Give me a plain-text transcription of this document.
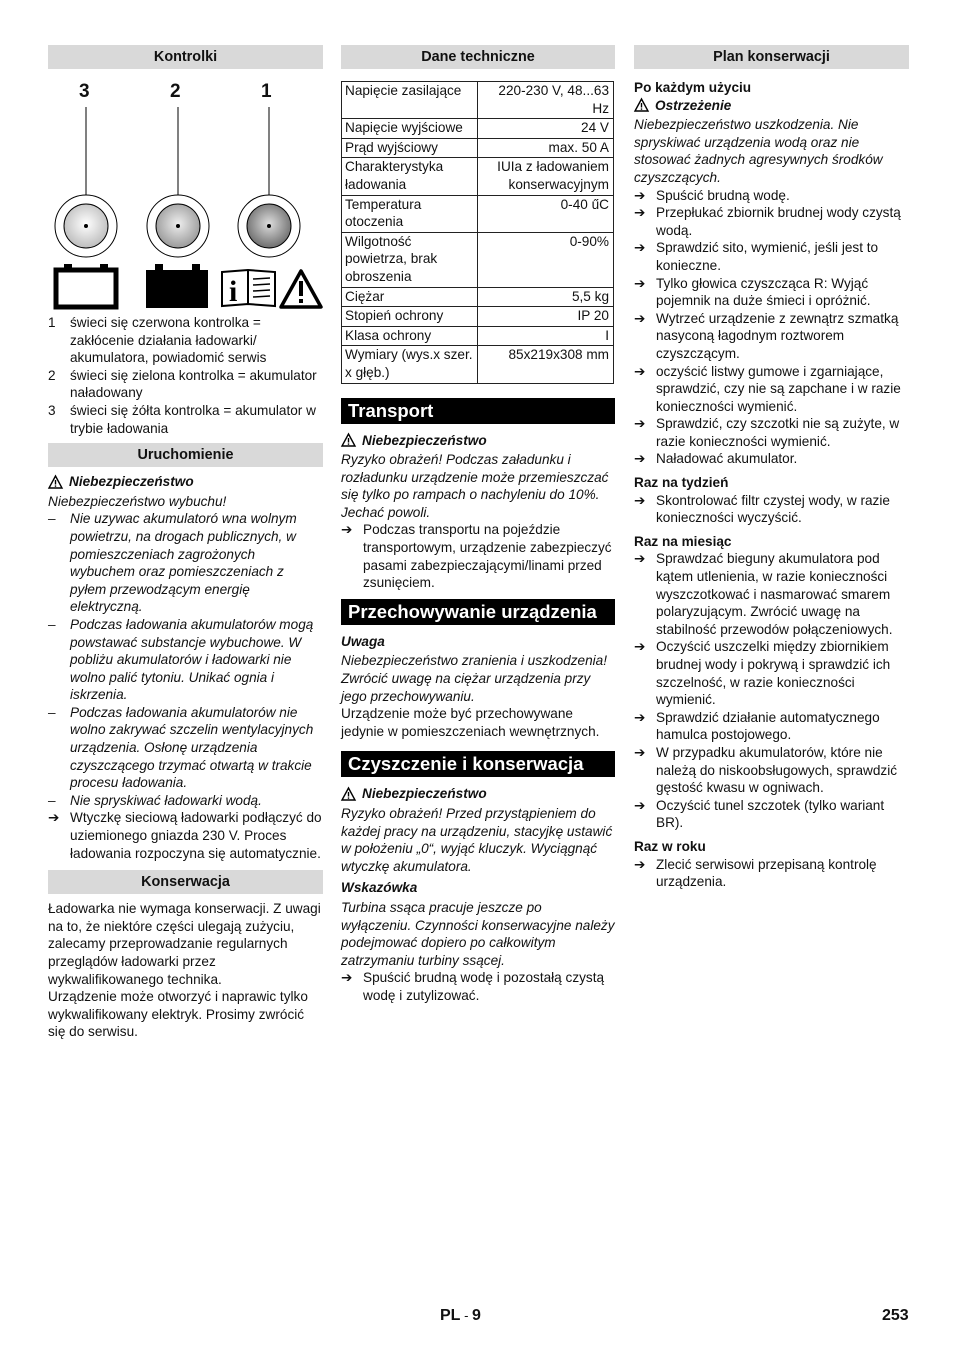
Kontrolki
3	2	1
i
1	świeci się czerwona kontrolka = zakłócenie działania ładowarki/ akumulatora, powiadomić serwis
2	świeci się zielona kontrolka = akumulator naładowany
3	świeci się żółta kontrolka = akumulator w trybie ładowania
Uruchomienie
Niebezpieczeństwo

Niebezpieczeństwo wybuchu!

–	Nie uzywac akumulatoró wna wolnym powietrzu, na drogach publicznych, w pomieszczeniach zagrożonych wybuchem oraz pomieszczeniach z pyłem przewodzącym energię elektryczną.
–	Podczas ładowania akumulatorów mogą powstawać substancje wybuchowe. W pobliżu akumulatorów i ładowarki nie wolno palić tytoniu. Unikać ognia i iskrzenia.
–	Podczas ładowania akumulatorów nie wolno zakrywać szczelin wentylacyjnych urządzenia. Osłonę urządzenia czyszczącego trzymać otwartą w trakcie procesu ładowania.
–	Nie spryskiwać ładowarki wodą.
➔ Wtyczkę sieciową ładowarki podłączyć do uziemionego gniazda 230 V. Proces ładowania rozpoczyna się automatycznie.
Konserwacja

Ładowarka nie wymaga konserwacji. Z uwagi na to, że niektóre części ulegają zużyciu, zalecamy przeprowadzanie regularnych przeglądów ładowarki przez wykwalifikowanego technika.

Urządzenie może otworzyć i naprawic tylko wykwalifikowany elektryk. Prosimy zwrócić się do serwisu.

Dane techniczne
Napięcie zasilające	220-230 V, 48...63 Hz
Napięcie wyjściowe	24 V
Prąd wyjściowy	max. 50 A
Charakterystyka ładowania	IUIa z ładowaniem konserwacyjnym
Temperatura otoczenia	0-40 űC
Wilgotność powietrza, brak obroszenia	0-90%
Ciężar	5,5 kg
Stopień ochrony	IP 20
Klasa ochrony	I
Wymiary (wys.x szer. x głęb.)	85x219x308 mm
Transport
Niebezpieczeństwo

Ryzyko obrażeń! Podczas załadunku i rozładunku urządzenie może przemieszczać się tylko po rampach o nachyleniu do 10%. Jechać powoli.

➔ Podczas transportu na pojeździe transportowym, urządzenie zabezpieczyć pasami zabezpieczającymi/linami przed zsunięciem.
Przechowywanie urządzenia

Uwaga

Niebezpieczeństwo zranienia i uszkodzenia! Zwrócić uwagę na ciężar urządzenia przy jego przechowywaniu.

Urządzenie może być przechowywane jedynie w pomieszczeniach wewnętrznych.

Czyszczenie i konserwacja
Niebezpieczeństwo

Ryzyko obrażeń! Przed przystąpieniem do każdej pracy na urządzeniu, stacyjkę ustawić w położeniu „0“, wyjąć kluczyk. Wyciągnąć wtyczkę akumulatora.

Wskazówka

Turbina ssąca pracuje jeszcze po wyłączeniu. Czynności konserwacyjne należy podejmować dopiero po całkowitym zatrzymaniu turbiny ssącej.

➔ Spuścić brudną wodę i pozostałą czystą wodę i zutylizować.
Plan konserwacji

Po każdym użyciu

Ostrzeżenie

Niebezpieczeństwo uszkodzenia. Nie spryskiwać urządzenia wodą oraz nie stosować żadnych agresywnych środków czyszczących.

➔ Spuścić brudną wodę.
➔ Przepłukać zbiornik brudnej wody czystą wodą.
➔ Sprawdzić sito, wymienić, jeśli jest to konieczne.
➔ Tylko głowica czyszcząca R: Wyjąć pojemnik na duże śmieci i opróżnić.
➔ Wytrzeć urządzenie z zewnątrz szmatką nasyconą łagodnym roztworem czyszczącym.
➔ oczyścić listwy gumowe i zgarniające, sprawdzić, czy nie są zapchane i w razie konieczności wymienić.
➔ Sprawdzić, czy szczotki nie są zużyte, w razie konieczności wymienić.
➔ Naładować akumulator.

Raz na tydzień

➔ Skontrolować filtr czystej wody, w razie konieczności wyczyścić.

Raz na miesiąc

➔ Sprawdzać bieguny akumulatora pod kątem utlenienia, w razie konieczności wyszczotkować i nasmarować smarem polaryzującym. Zwrócić uwagę na stabilność przewodów połączeniowych.
➔ Oczyścić uszczelki między zbiornikiem brudnej wody i pokrywą i sprawdzić ich szczelność, w razie konieczności wymienić.
➔ Sprawdzić działanie automatycznego hamulca postojowego.
➔ W przypadku akumulatorów, które nie należą do niskoobsługowych, sprawdzić gęstość kwasu w ogniwach.
➔ Oczyścić tunel szczotek (tylko wariant BR).

Raz w roku

➔ Zlecić serwisowi przepisaną kontrolę urządzenia.
PL - 9	253
